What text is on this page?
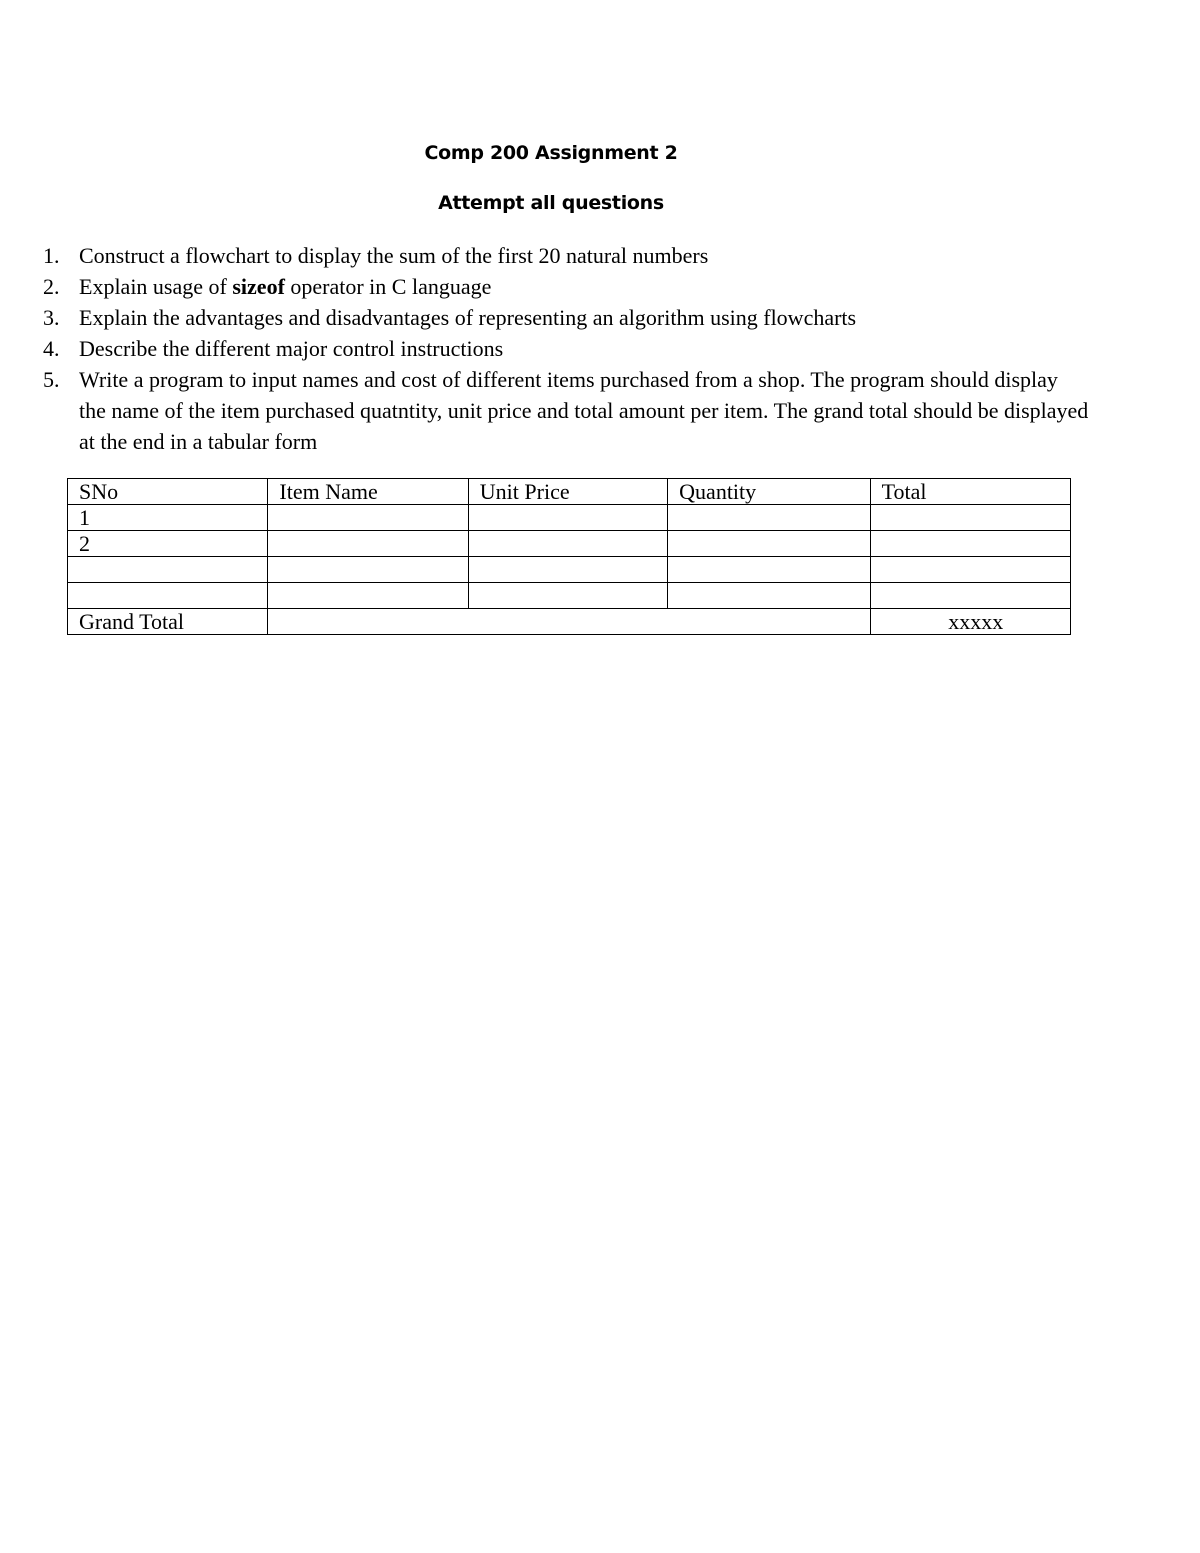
Comp 200 Assignment 2
Attempt all questions
1. Construct a flowchart to display the sum of the first 20 natural numbers
2. Explain usage of sizeof operator in C language
3. Explain the advantages and disadvantages of representing an algorithm using flowcharts
4. Describe the different major control instructions
5. Write a program to input names and cost of different items purchased from a shop. The program should display the name of the item purchased quatntity, unit price and total amount per item. The grand total should be displayed at the end in a tabular form
SNo	Item Name	Unit Price	Quantity	Total
1				
2				

Grand Total				xxxxx
